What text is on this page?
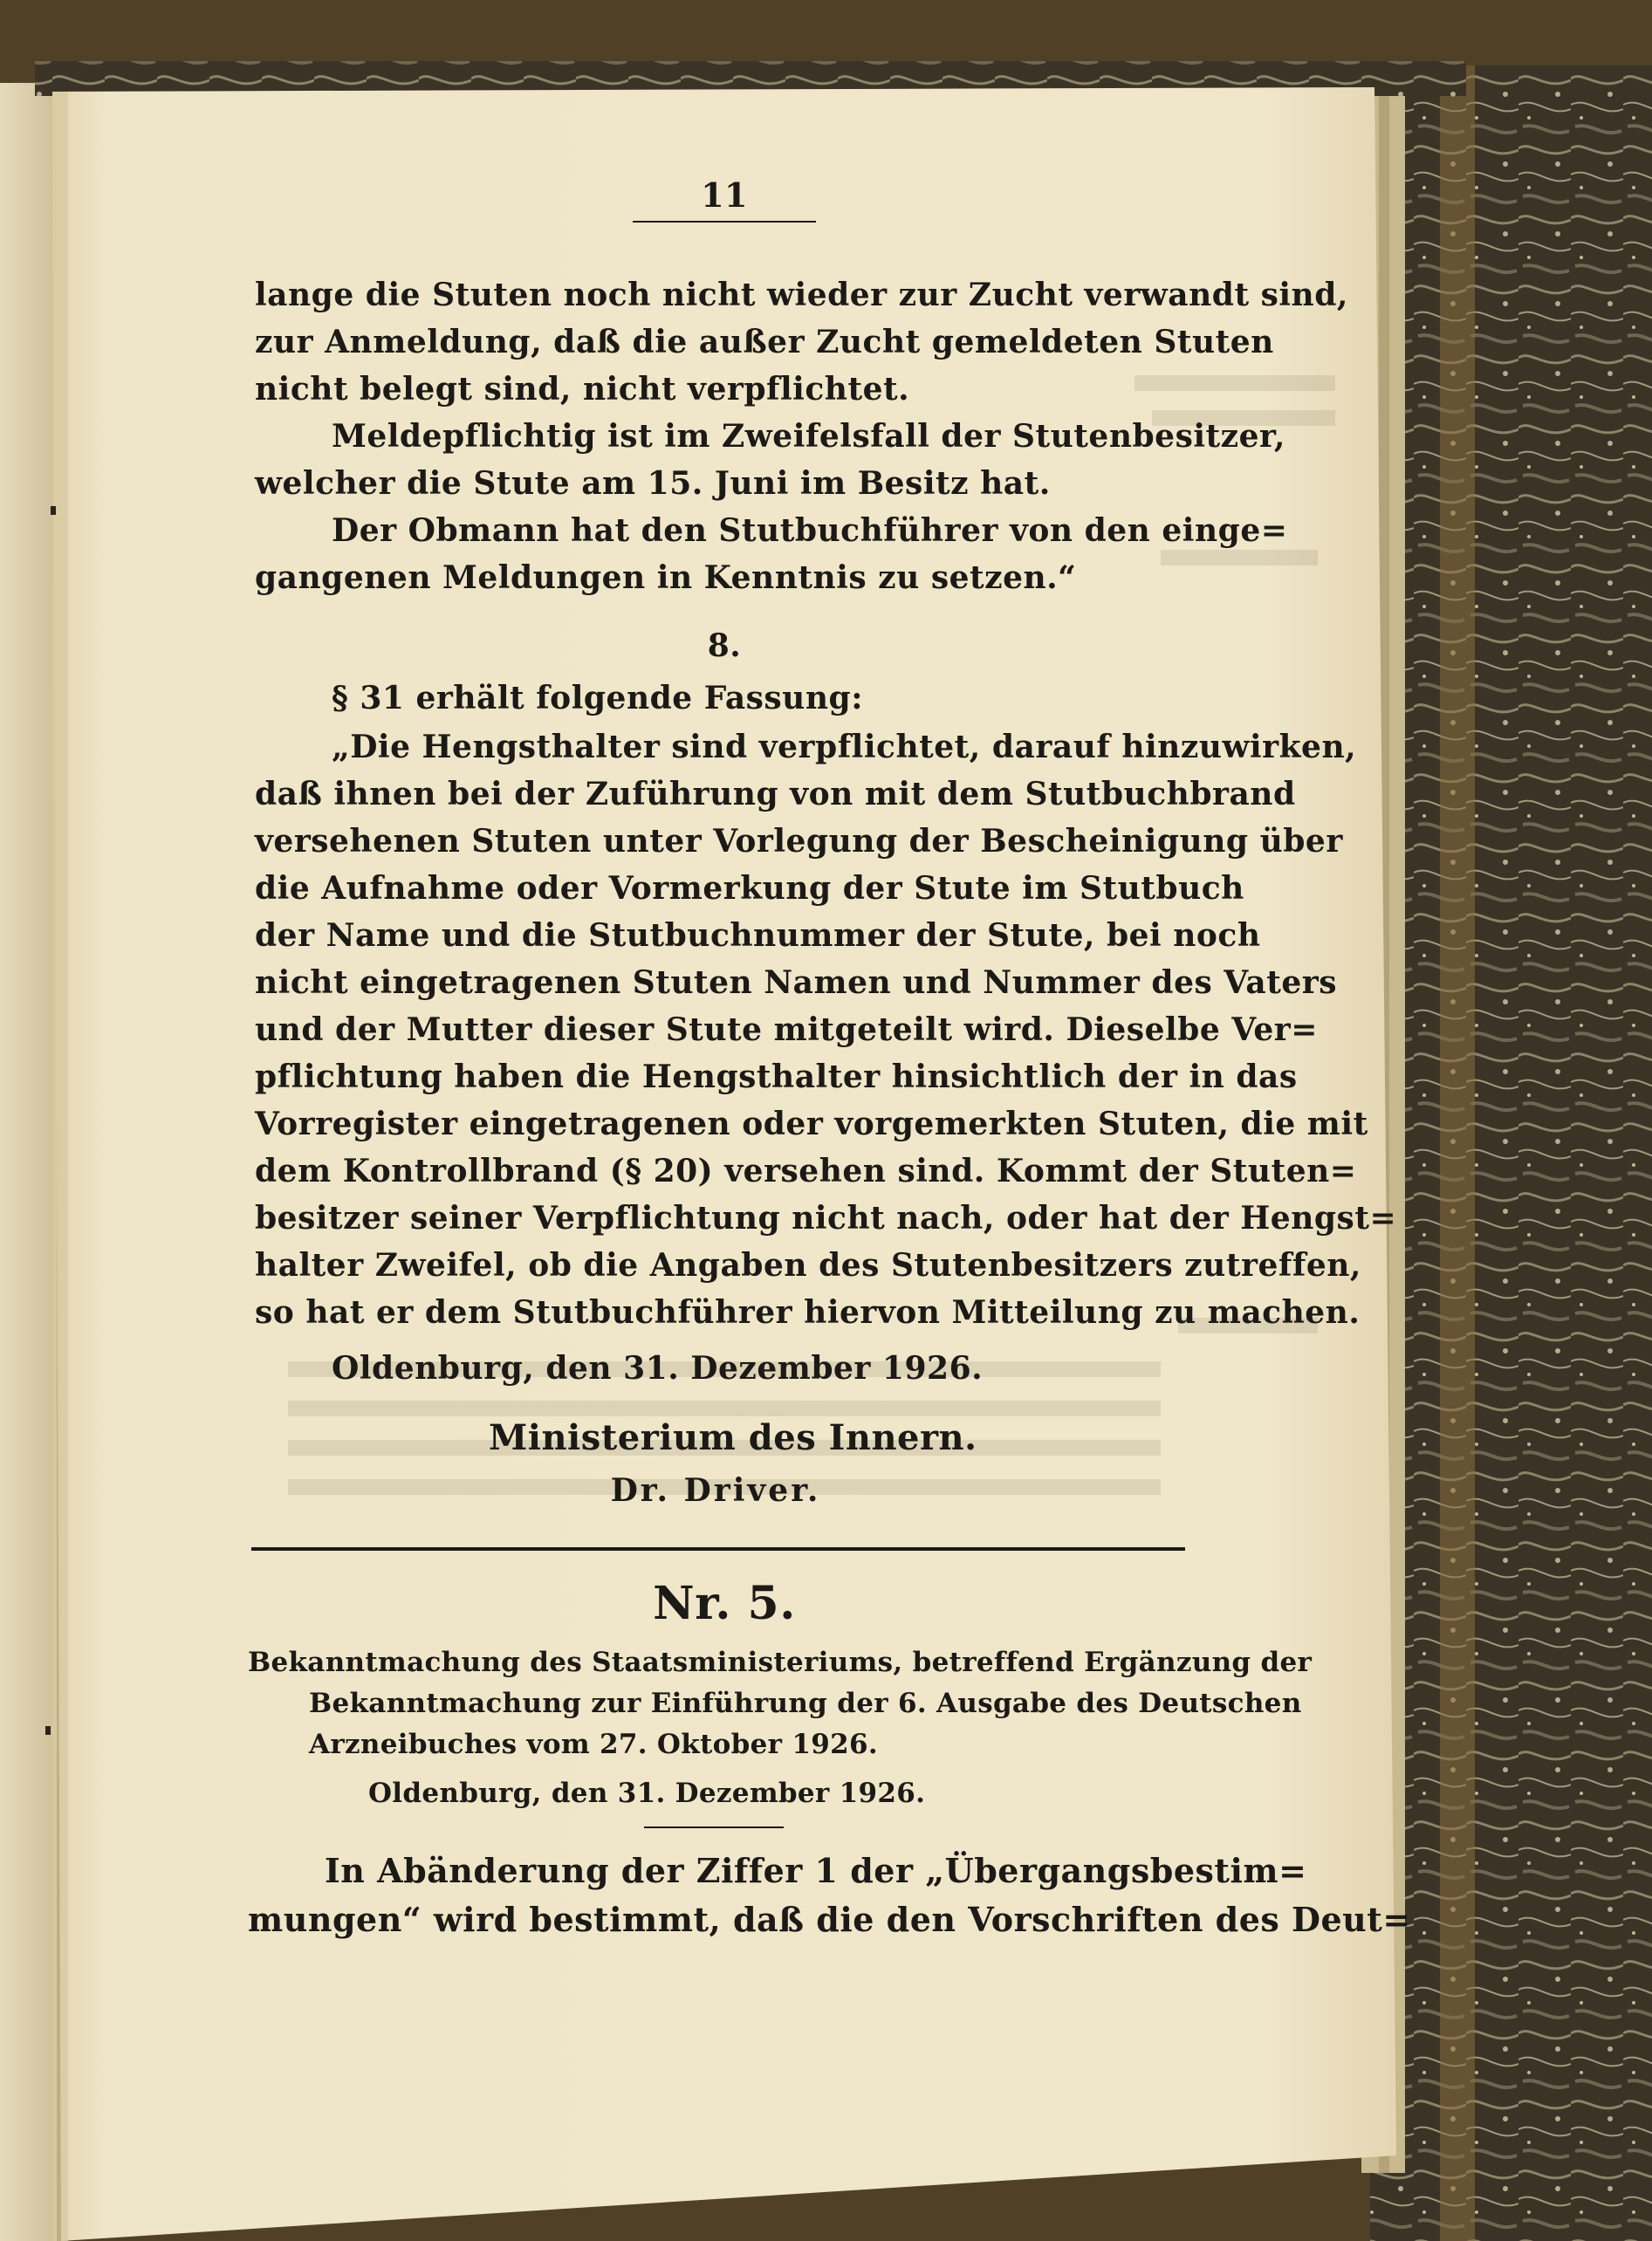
11
lange die Stuten noch nicht wieder zur Zucht verwandt sind,
zur Anmeldung, daß die außer Zucht gemeldeten Stuten
nicht belegt sind, nicht verpflichtet.
Meldepflichtig ist im Zweifelsfall der Stutenbesitzer,
welcher die Stute am 15. Juni im Besitz hat.
Der Obmann hat den Stutbuchführer von den einge=
gangenen Meldungen in Kenntnis zu setzen.“
8.
§ 31 erhält folgende Fassung:
„Die Hengsthalter sind verpflichtet, darauf hinzuwirken,
daß ihnen bei der Zuführung von mit dem Stutbuchbrand
versehenen Stuten unter Vorlegung der Bescheinigung über
die Aufnahme oder Vormerkung der Stute im Stutbuch
der Name und die Stutbuchnummer der Stute, bei noch
nicht eingetragenen Stuten Namen und Nummer des Vaters
und der Mutter dieser Stute mitgeteilt wird. Dieselbe Ver=
pflichtung haben die Hengsthalter hinsichtlich der in das
Vorregister eingetragenen oder vorgemerkten Stuten, die mit
dem Kontrollbrand (§ 20) versehen sind. Kommt der Stuten=
besitzer seiner Verpflichtung nicht nach, oder hat der Hengst=
halter Zweifel, ob die Angaben des Stutenbesitzers zutreffen,
so hat er dem Stutbuchführer hiervon Mitteilung zu machen.
Oldenburg, den 31. Dezember 1926.
Ministerium des Innern.
Dr. Driver.
Nr. 5.
Bekanntmachung des Staatsministeriums, betreffend Ergänzung der
Bekanntmachung zur Einführung der 6. Ausgabe des Deutschen
Arzneibuches vom 27. Oktober 1926.
Oldenburg, den 31. Dezember 1926.
In Abänderung der Ziffer 1 der „Übergangsbestim=
mungen“ wird bestimmt, daß die den Vorschriften des Deut=
